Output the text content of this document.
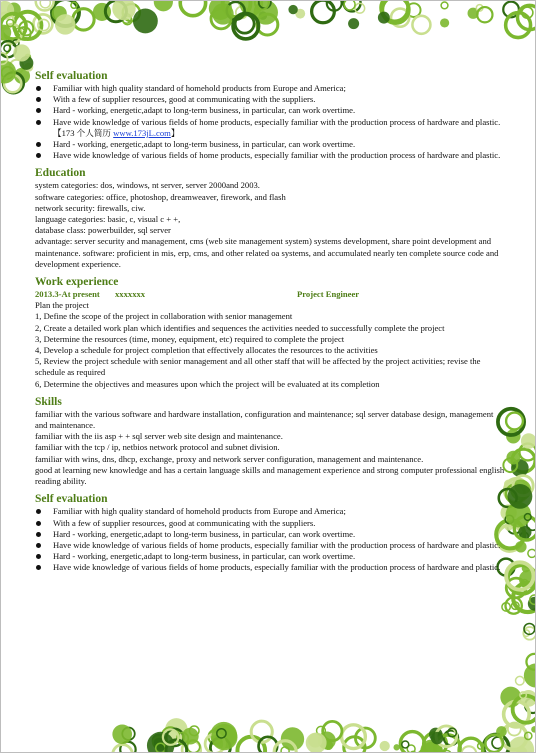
Self evaluation
Familiar with high quality standard of homehold products from Europe and America;
With a few of supplier resources, good at communicating with the suppliers.
Hard - working, energetic,adapt to long-term business, in particular, can work overtime.
Have wide knowledge of various fields of home products, especially familiar with the production process of hardware and plastic.【173 个人简历 www.173jL.com】
Hard - working, energetic,adapt to long-term business, in particular, can work overtime.
Have wide knowledge of various fields of home products, especially familiar with the production process of hardware and plastic.
Education
system categories: dos, windows, nt server, server 2000and 2003.
software categories: office, photoshop, dreamweaver, firework, and flash
network security: firewalls, ciw.
language categories: basic, c, visual c + +,
database class: powerbuilder, sql server
advantage: server security and management, cms (web site management system) systems development, share point development and maintenance. software: proficient in mis, erp, cms, and other related oa systems, and accumulated nearly ten complete source code and development experience.
Work experience
2013.3-At present	xxxxxxx	Project Engineer
Plan the project
1, Define the scope of the project in collaboration with senior management
2, Create a detailed work plan which identifies and sequences the activities needed to successfully complete the project
3, Determine the resources (time, money, equipment, etc) required to complete the project
4, Develop a schedule for project completion that effectively allocates the resources to the activities
5, Review the project schedule with senior management and all other staff that will be affected by the project activities; revise the schedule as required
6, Determine the objectives and measures upon which the project will be evaluated at its completion
Skills
familiar with the various software and hardware installation, configuration and maintenance; sql server database design, management and maintenance.
familiar with the iis asp + + sql server web site design and maintenance.
familiar with the tcp / ip, netbios network protocol and subnet division.
familiar with wins, dns, dhcp, exchange, proxy and network server configuration, management and maintenance.
good at learning new knowledge and has a certain language skills and management experience and strong computer professional english reading ability.
Self evaluation
Familiar with high quality standard of homehold products from Europe and America;
With a few of supplier resources, good at communicating with the suppliers.
Hard - working, energetic,adapt to long-term business, in particular, can work overtime.
Have wide knowledge of various fields of home products, especially familiar with the production process of hardware and plastic.
Hard - working, energetic,adapt to long-term business, in particular, can work overtime.
Have wide knowledge of various fields of home products, especially familiar with the production process of hardware and plastic.
